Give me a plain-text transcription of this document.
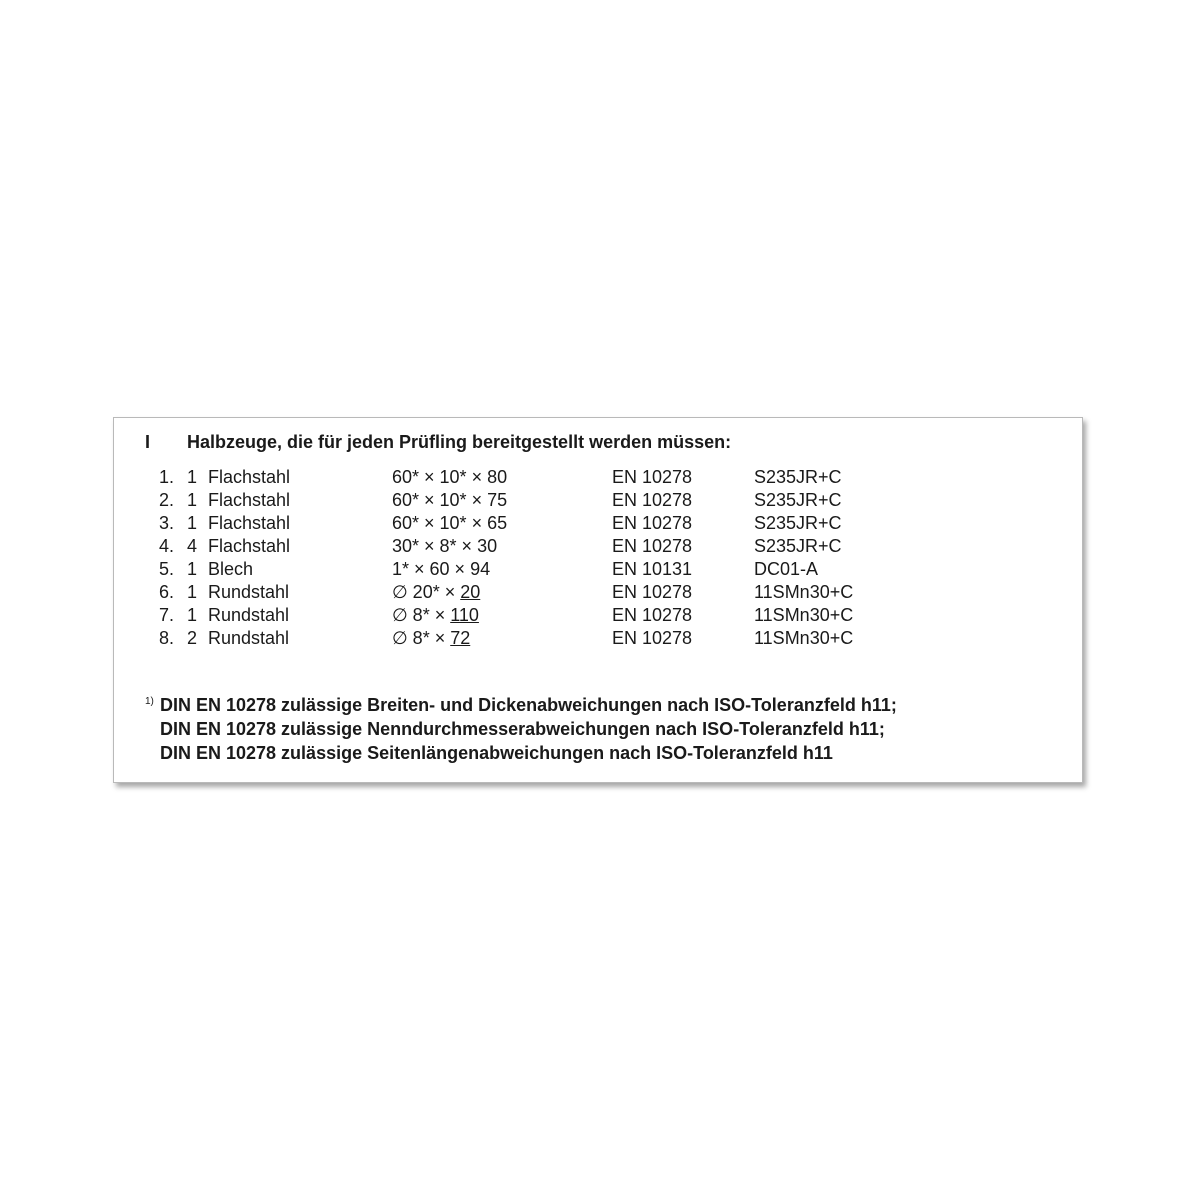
I Halbzeuge, die für jeden Prüfling bereitgestellt werden müssen:
1. 1 Flachstahl	60* × 10* × 80	EN 10278	S235JR+C
2. 1 Flachstahl	60* × 10* × 75	EN 10278	S235JR+C
3. 1 Flachstahl	60* × 10* × 65	EN 10278	S235JR+C
4. 4 Flachstahl	30* × 8* × 30	EN 10278	S235JR+C
5. 1 Blech	1* × 60 × 94	EN 10131	DC01-A
6. 1 Rundstahl	∅ 20* × 20	EN 10278	11SMn30+C
7. 1 Rundstahl	∅ 8* × 110	EN 10278	11SMn30+C
8. 2 Rundstahl	∅ 8* × 72	EN 10278	11SMn30+C
1) DIN EN 10278 zulässige Breiten- und Dickenabweichungen nach ISO-Toleranzfeld h11;
DIN EN 10278 zulässige Nenndurchmesserabweichungen nach ISO-Toleranzfeld h11;
DIN EN 10278 zulässige Seitenlängenabweichungen nach ISO-Toleranzfeld h11
